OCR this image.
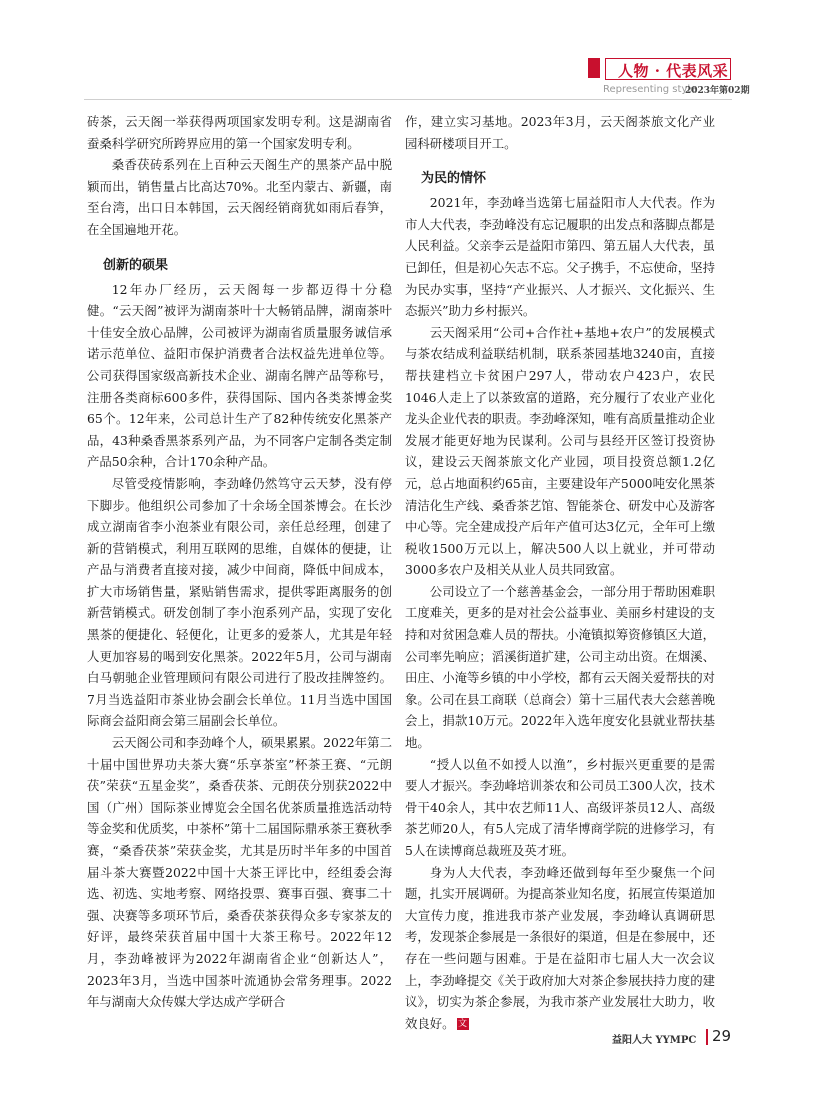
人物 · 代表风采
Representing style
2023年第02期

砖茶，云天阁一举获得两项国家发明专利。这是湖南省蚕桑科学研究所跨界应用的第一个国家发明专利。

桑香茯砖系列在上百种云天阁生产的黑茶产品中脱颖而出，销售量占比高达70%。北至内蒙古、新疆，南至台湾，出口日本韩国，云天阁经销商犹如雨后春笋，在全国遍地开花。

创新的硕果

12年办厂经历，云天阁每一步都迈得十分稳健。“云天阁”被评为湖南茶叶十大畅销品牌，湖南茶叶十佳安全放心品牌，公司被评为湖南省质量服务诚信承诺示范单位、益阳市保护消费者合法权益先进单位等。公司获得国家级高新技术企业、湖南名牌产品等称号，注册各类商标600多件，获得国际、国内各类茶博金奖65个。12年来，公司总计生产了82种传统安化黑茶产品，43种桑香黑茶系列产品，为不同客户定制各类定制产品50余种，合计170余种产品。

尽管受疫情影响，李劲峰仍然笃守云天梦，没有停下脚步。他组织公司参加了十余场全国茶博会。在长沙成立湖南省李小泡茶业有限公司，亲任总经理，创建了新的营销模式，利用互联网的思维，自媒体的便捷，让产品与消费者直接对接，减少中间商，降低中间成本，扩大市场销售量，紧贴销售需求，提供零距离服务的创新营销模式。研发创制了李小泡系列产品，实现了安化黑茶的便捷化、轻便化，让更多的爱茶人，尤其是年轻人更加容易的喝到安化黑茶。2022年5月，公司与湖南白马朝驰企业管理顾问有限公司进行了股改挂牌签约。7月当选益阳市茶业协会副会长单位。11月当选中国国际商会益阳商会第三届副会长单位。

云天阁公司和李劲峰个人，硕果累累。2022年第二十届中国世界功夫茶大赛“乐享茶室”杯茶王赛、“元朗茯”荣获“五星金奖”，桑香茯茶、元朗茯分别获2022中国（广州）国际茶业博览会全国名优茶质量推选活动特等金奖和优质奖，中茶杯”第十二届国际鼎承茶王赛秋季赛，“桑香茯茶”荣获金奖，尤其是历时半年多的中国首届斗茶大赛暨2022中国十大茶王评比中，经组委会海选、初选、实地考察、网络投票、赛事百强、赛事二十强、决赛等多项环节后，桑香茯茶获得众多专家茶友的好评，最终荣获首届中国十大茶王称号。2022年12月，李劲峰被评为2022年湖南省企业“创新达人”，2023年3月，当选中国茶叶流通协会常务理事。2022年与湖南大众传媒大学达成产学研合

作，建立实习基地。2023年3月，云天阁茶旅文化产业园科研楼项目开工。

为民的情怀

2021年，李劲峰当选第七届益阳市人大代表。作为市人大代表，李劲峰没有忘记履职的出发点和落脚点都是人民利益。父亲李云是益阳市第四、第五届人大代表，虽已卸任，但是初心矢志不忘。父子携手，不忘使命，坚持为民办实事，坚持“产业振兴、人才振兴、文化振兴、生态振兴”助力乡村振兴。

云天阁采用“公司+合作社+基地+农户”的发展模式与茶农结成利益联结机制，联系茶园基地3240亩，直接帮扶建档立卡贫困户297人，带动农户423户，农民1046人走上了以茶致富的道路，充分履行了农业产业化龙头企业代表的职责。李劲峰深知，唯有高质量推动企业发展才能更好地为民谋利。公司与县经开区签订投资协议，建设云天阁茶旅文化产业园，项目投资总额1.2亿元，总占地面积约65亩，主要建设年产5000吨安化黑茶清洁化生产线、桑香茶艺馆、智能茶仓、研发中心及游客中心等。完全建成投产后年产值可达3亿元，全年可上缴税收1500万元以上，解决500人以上就业，并可带动3000多农户及相关从业人员共同致富。

公司设立了一个慈善基金会，一部分用于帮助困难职工度难关，更多的是对社会公益事业、美丽乡村建设的支持和对贫困急难人员的帮扶。小淹镇拟筹资修镇区大道，公司率先响应；滔溪街道扩建，公司主动出资。在烟溪、田庄、小淹等乡镇的中小学校，都有云天阁关爱帮扶的对象。公司在县工商联（总商会）第十三届代表大会慈善晚会上，捐款10万元。2022年入选年度安化县就业帮扶基地。

“授人以鱼不如授人以渔”，乡村振兴更重要的是需要人才振兴。李劲峰培训茶农和公司员工300人次，技术骨干40余人，其中农艺师11人、高级评茶员12人、高级茶艺师20人，有5人完成了清华博商学院的进修学习，有5人在读博商总裁班及英才班。

身为人大代表，李劲峰还做到每年至少聚焦一个问题，扎实开展调研。为提高茶业知名度，拓展宣传渠道加大宣传力度，推进我市茶产业发展，李劲峰认真调研思考，发现茶企参展是一条很好的渠道，但是在参展中，还存在一些问题与困难。于是在益阳市七届人大一次会议上，李劲峰提交《关于政府加大对茶企参展扶持力度的建议》，切实为茶企参展，为我市茶产业发展壮大助力，收效良好。 文

益阳人大 YYMPC 29
